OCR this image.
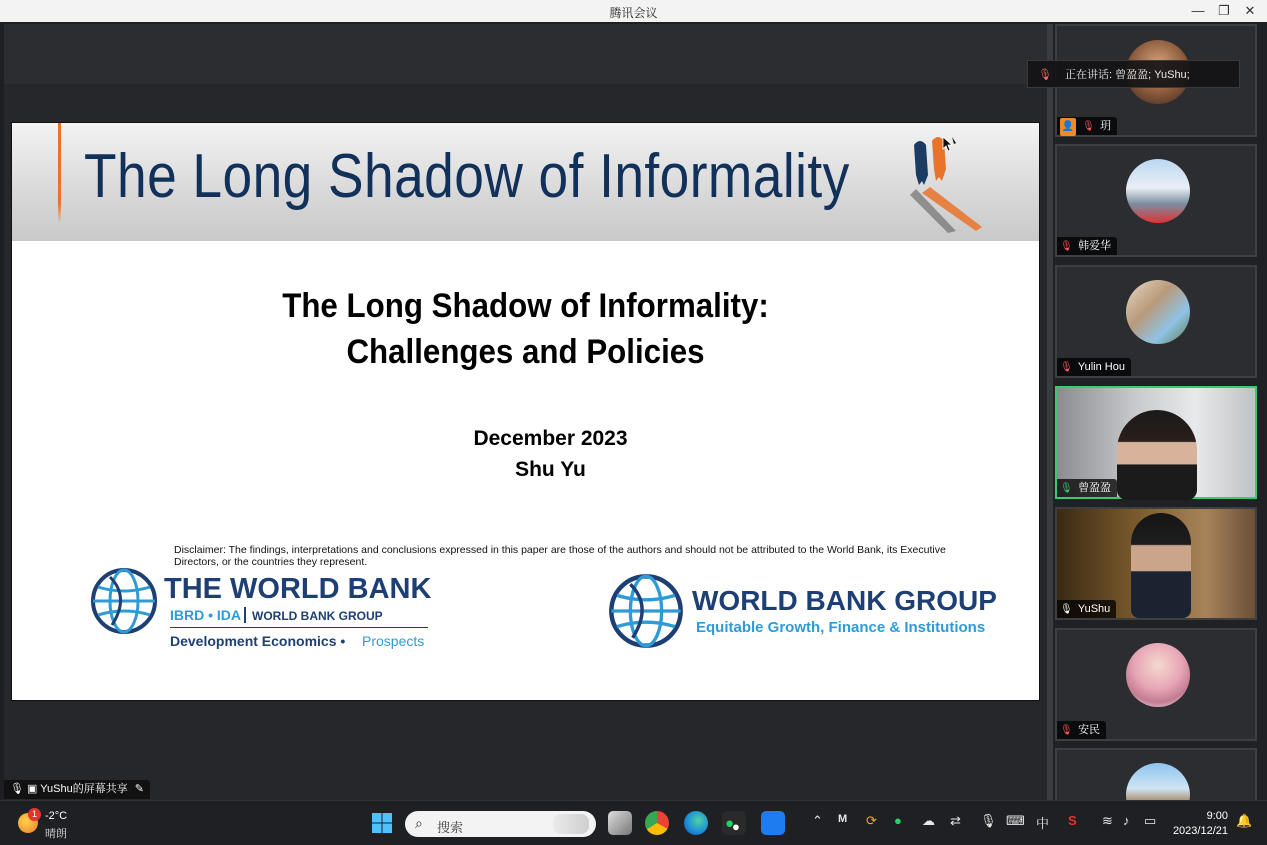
腾讯会议	—	❐	✕
The Long Shadow of Informality
The Long Shadow of Informality:
Challenges and Policies
December 2023
Shu Yu
Disclaimer: The findings, interpretations and conclusions expressed in this paper are those of the authors and should not be attributed to the World Bank, its Executive Directors, or the countries they represent.
THE WORLD BANK
IBRD • IDA WORLD BANK GROUP
Development Economics • Prospects
WORLD BANK GROUP
Equitable Growth, Finance & Institutions
🎙 ▣ YuShu的屏幕共享 ✎
👤 🎙 玥
🎙 韩爱华
🎙 Yulin Hou
🎙 曾盈盈
🎙 YuShu
🎙 安民
🎙 正在讲话: 曾盈盈; YuShu;
1 -2°C
晴朗
⌕ 搜索	●
●	⌃ M ⟳ ● ☁ ⇄ 🎙 ⌨ 中 S ≋ ♪ ▭	9:00
2023/12/21
🔔
